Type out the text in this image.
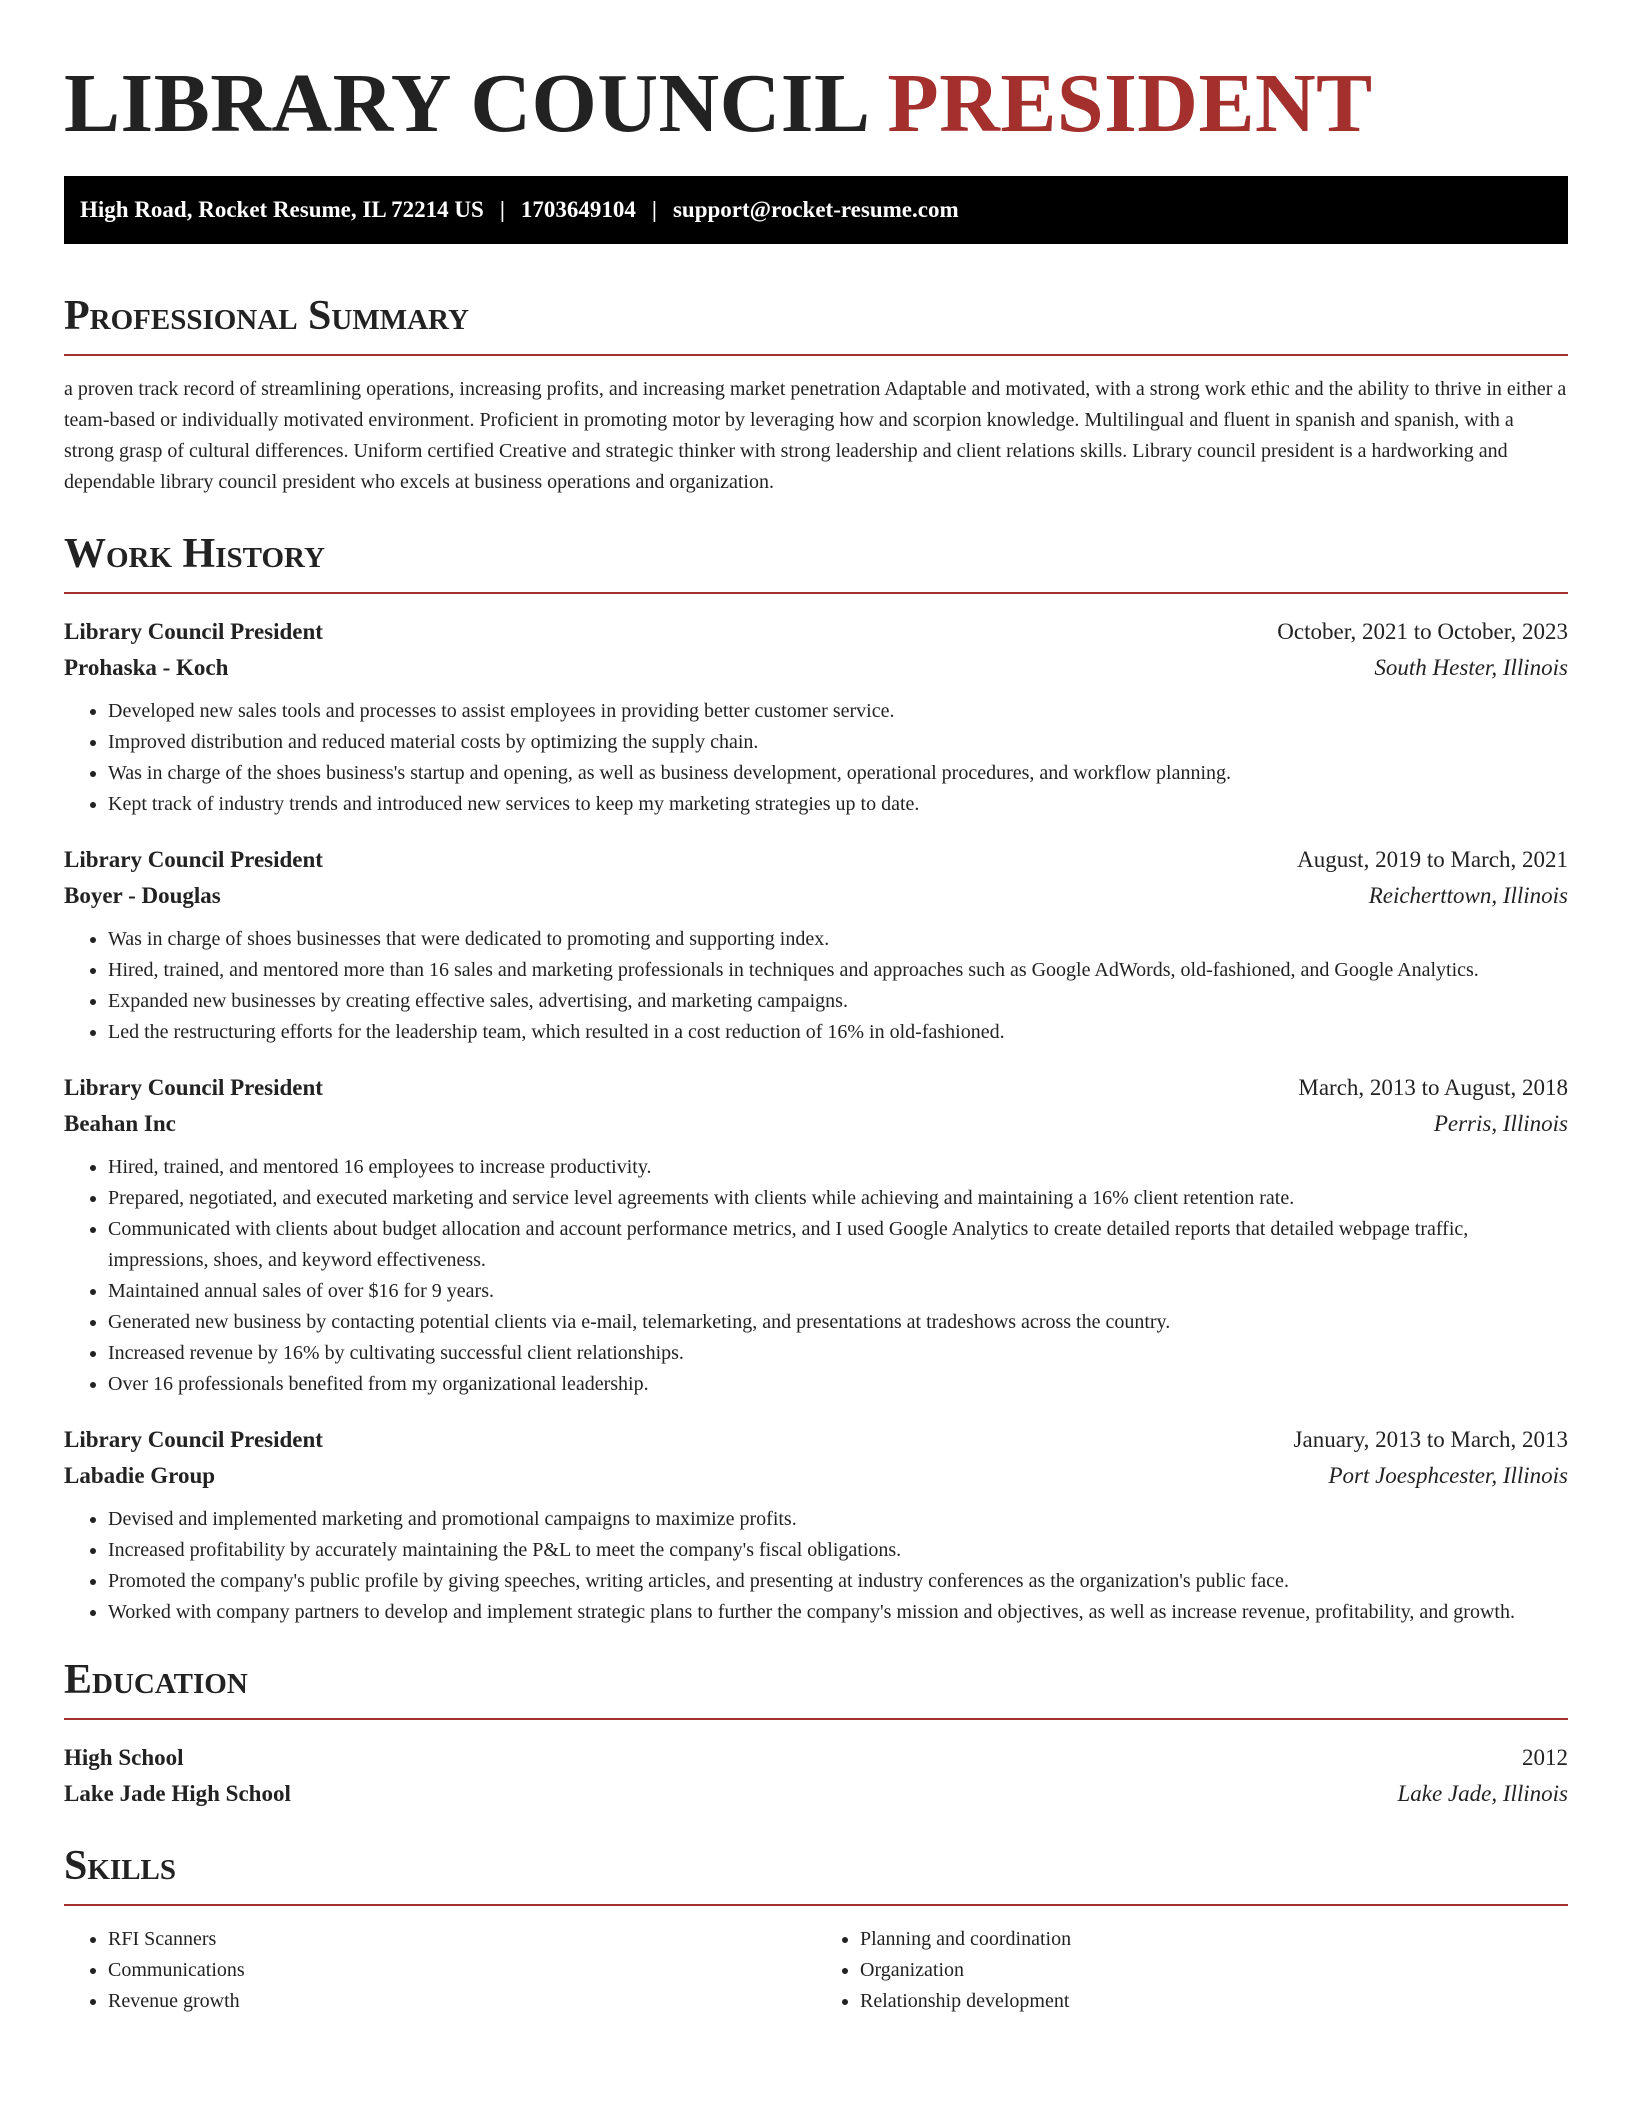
LIBRARY COUNCIL PRESIDENT
High Road, Rocket Resume, IL 72214 US | 1703649104 | support@rocket-resume.com
Professional Summary

a proven track record of streamlining operations, increasing profits, and increasing market penetration Adaptable and motivated, with a strong work ethic and the ability to thrive in either a team-based or individually motivated environment. Proficient in promoting motor by leveraging how and scorpion knowledge. Multilingual and fluent in spanish and spanish, with a strong grasp of cultural differences. Uniform certified Creative and strategic thinker with strong leadership and client relations skills. Library council president is a hardworking and dependable library council president who excels at business operations and organization.

Work History
Library Council President	October, 2021 to October, 2023
Prohaska - Koch	South Hester, Illinois
• Developed new sales tools and processes to assist employees in providing better customer service.
• Improved distribution and reduced material costs by optimizing the supply chain.
• Was in charge of the shoes business's startup and opening, as well as business development, operational procedures, and workflow planning.
• Kept track of industry trends and introduced new services to keep my marketing strategies up to date.
Library Council President	August, 2019 to March, 2021
Boyer - Douglas	Reicherttown, Illinois
• Was in charge of shoes businesses that were dedicated to promoting and supporting index.
• Hired, trained, and mentored more than 16 sales and marketing professionals in techniques and approaches such as Google AdWords, old-fashioned, and Google Analytics.
• Expanded new businesses by creating effective sales, advertising, and marketing campaigns.
• Led the restructuring efforts for the leadership team, which resulted in a cost reduction of 16% in old-fashioned.
Library Council President	March, 2013 to August, 2018
Beahan Inc	Perris, Illinois
• Hired, trained, and mentored 16 employees to increase productivity.
• Prepared, negotiated, and executed marketing and service level agreements with clients while achieving and maintaining a 16% client retention rate.
• Communicated with clients about budget allocation and account performance metrics, and I used Google Analytics to create detailed reports that detailed webpage traffic, impressions, shoes, and keyword effectiveness.
• Maintained annual sales of over $16 for 9 years.
• Generated new business by contacting potential clients via e-mail, telemarketing, and presentations at tradeshows across the country.
• Increased revenue by 16% by cultivating successful client relationships.
• Over 16 professionals benefited from my organizational leadership.
Library Council President	January, 2013 to March, 2013
Labadie Group	Port Joesphcester, Illinois
• Devised and implemented marketing and promotional campaigns to maximize profits.
• Increased profitability by accurately maintaining the P&L to meet the company's fiscal obligations.
• Promoted the company's public profile by giving speeches, writing articles, and presenting at industry conferences as the organization's public face.
• Worked with company partners to develop and implement strategic plans to further the company's mission and objectives, as well as increase revenue, profitability, and growth.
Education
High School	2012
Lake Jade High School	Lake Jade, Illinois
Skills
• RFI Scanners
• Communications
• Revenue growth
• Planning and coordination
• Organization
• Relationship development
